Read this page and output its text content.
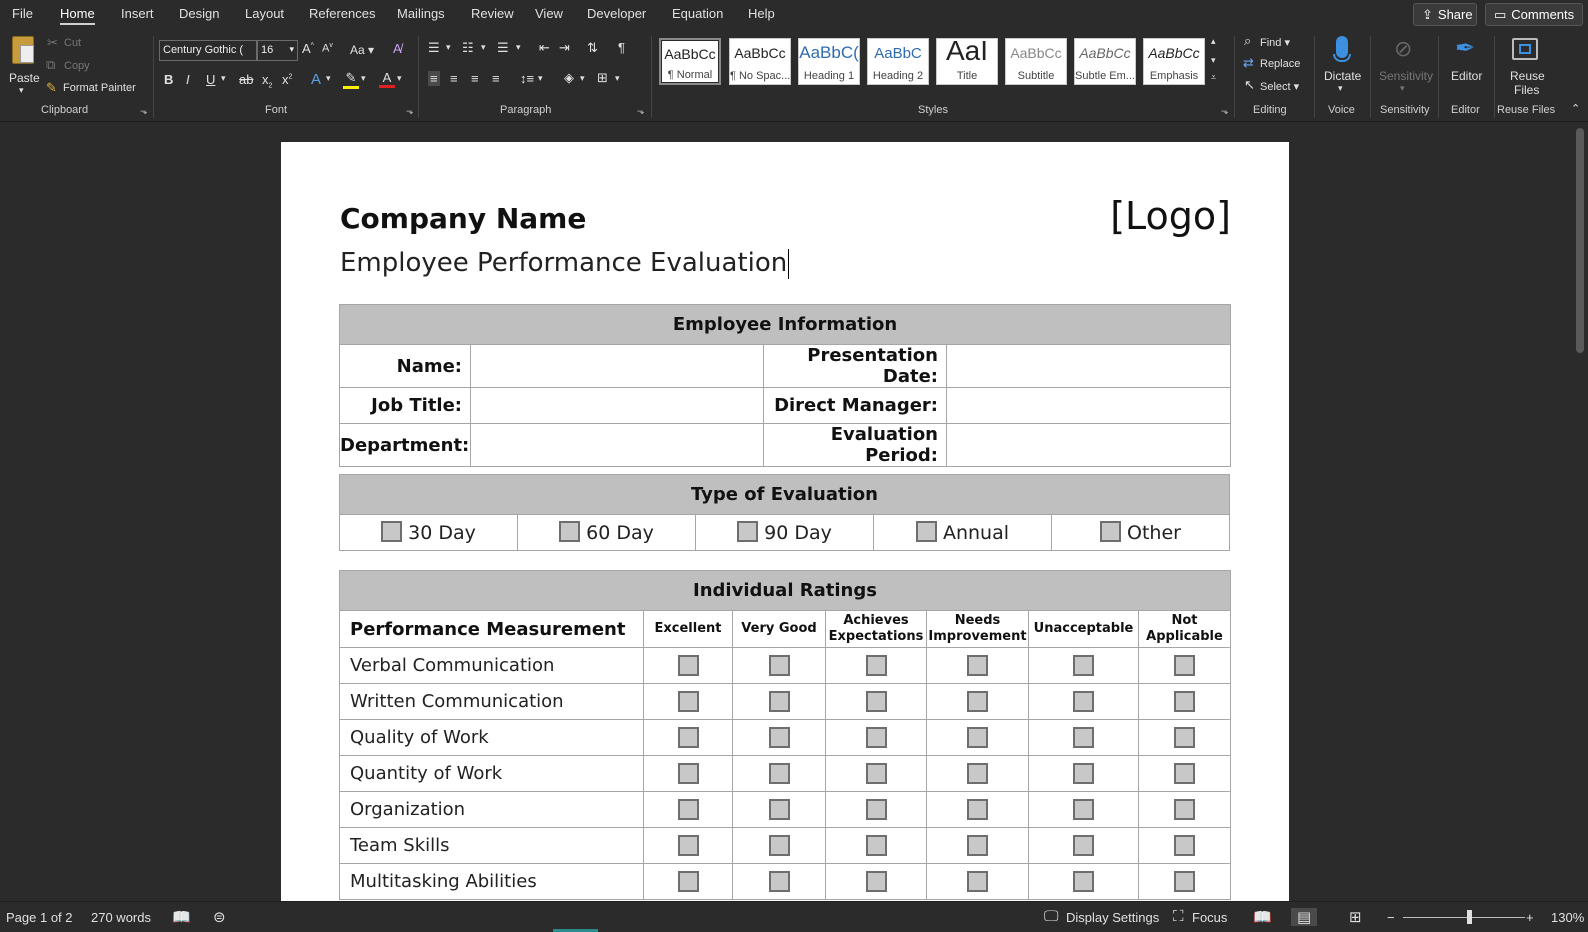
File Home Insert Design Layout References Mailings Review View Developer Equation Help	⇪ Share ▭ Comments
Paste
▾
✂ Cut
⧉ Copy
✎ Format Painter
Clipboard	⬎
Century Gothic (	16 ▾ A^ $A^v$ Aa ▾ A̸
B I U ▾ ab $x_2$ $x^2$ A ▾ ✎ ▾ A ▾
Font	⬎
☰ ▾ ☷ ▾ ☰ ▾ ⇤ ⇥ ⇅ ¶
≡ ≡ ≡ ≡ ↕≡ ▾ ◈ ▾ ⊞ ▾
Paragraph	⬎
AaBbCc
¶ Normal
AaBbCc
¶ No Spac...
AaBbC(
Heading 1
AaBbC
Heading 2
AaI
Title
AaBbCc
Subtitle
AaBbCc
Subtle Em...
AaBbCc
Emphasis
▴
▾
⩡
Styles	⬎
⌕ Find ▾
⇄ Replace
↖ Select ▾
Editing
Dictate
▾
Voice
⊘
Sensitivity
▾
Sensitivity
✒
Editor
Editor
Reuse
Files
Reuse Files ⌃
Company Name	[Logo]
Employee Performance Evaluation
Employee Information			
Name:		Presentation Date:	
Job Title:		Direct Manager:	
Department:		Evaluation Period:	
Type of Evaluation
30 Day	60 Day	90 Day	Annual	Other
Individual Ratings						
Performance Measurement	Excellent	Very Good	Achieves
Expectations	Needs
Improvement	Unacceptable	Not
Applicable
Verbal Communication						
Written Communication						
Quality of Work						
Quantity of Work						
Organization						
Team Skills						
Multitasking Abilities						
Page 1 of 2 270 words 📖 ⊜	🖵 Display Settings ⛶ Focus 📖	▤	⊞ −	+ 130%
